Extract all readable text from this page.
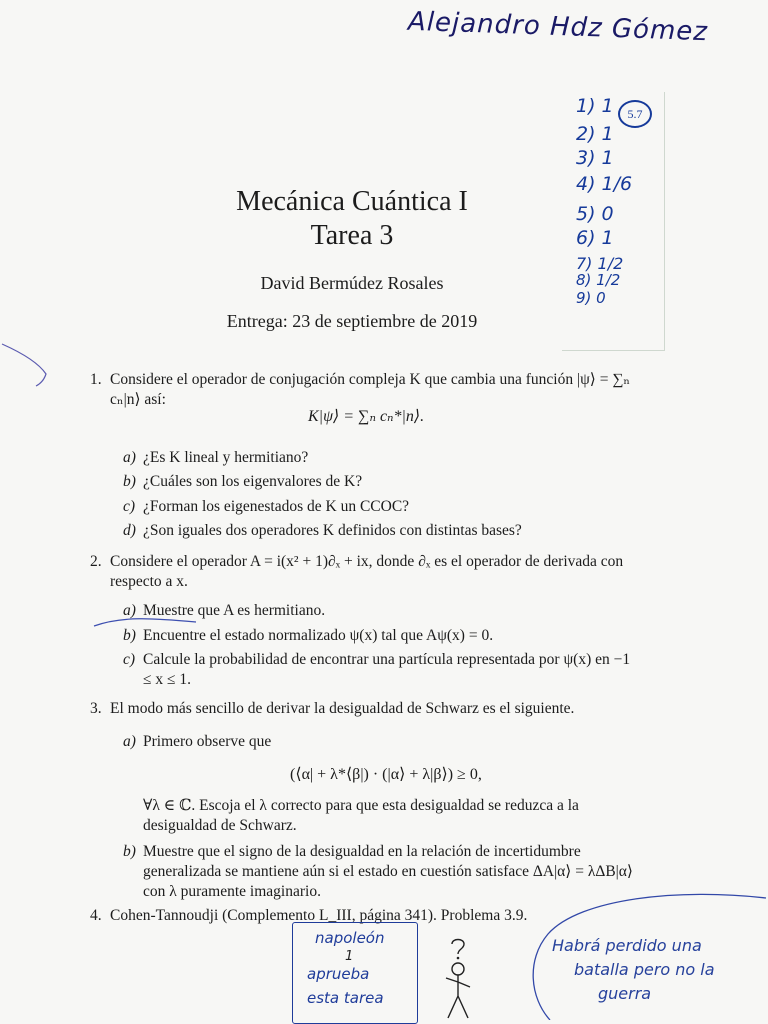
Alejandro Hdz Gómez
5.7
1) 1
2) 1
3) 1
4) 1/6
5) 0
6) 1
7) 1/2
8) 1/2
9) 0
Mecánica Cuántica I
Tarea 3
David Bermúdez Rosales
Entrega: 23 de septiembre de 2019
1. Considere el operador de conjugación compleja K que cambia una función |ψ⟩ = ∑ₙ cₙ|n⟩ así:
K|ψ⟩ = ∑ₙ cₙ*|n⟩.
a) ¿Es K lineal y hermitiano?
b) ¿Cuáles son los eigenvalores de K?
c) ¿Forman los eigenestados de K un CCOC?
d) ¿Son iguales dos operadores K definidos con distintas bases?
2. Considere el operador A = i(x² + 1)∂ₓ + ix, donde ∂ₓ es el operador de derivada con respecto a x.
a) Muestre que A es hermitiano.
b) Encuentre el estado normalizado ψ(x) tal que Aψ(x) = 0.
c) Calcule la probabilidad de encontrar una partícula representada por ψ(x) en −1 ≤ x ≤ 1.
3. El modo más sencillo de derivar la desigualdad de Schwarz es el siguiente.
a) Primero observe que
(⟨α| + λ*⟨β|) · (|α⟩ + λ|β⟩) ≥ 0,
∀λ ∈ ℂ. Escoja el λ correcto para que esta desigualdad se reduzca a la desigualdad de Schwarz.
b) Muestre que el signo de la desigualdad en la relación de incertidumbre generalizada se mantiene aún si el estado en cuestión satisface ΔA|α⟩ = λΔB|α⟩ con λ puramente imaginario.
4. Cohen-Tannoudji (Complemento L_III, página 341). Problema 3.9.
napoleón
1
aprueba
esta tarea
Habrá perdido una
batalla pero no la
guerra
